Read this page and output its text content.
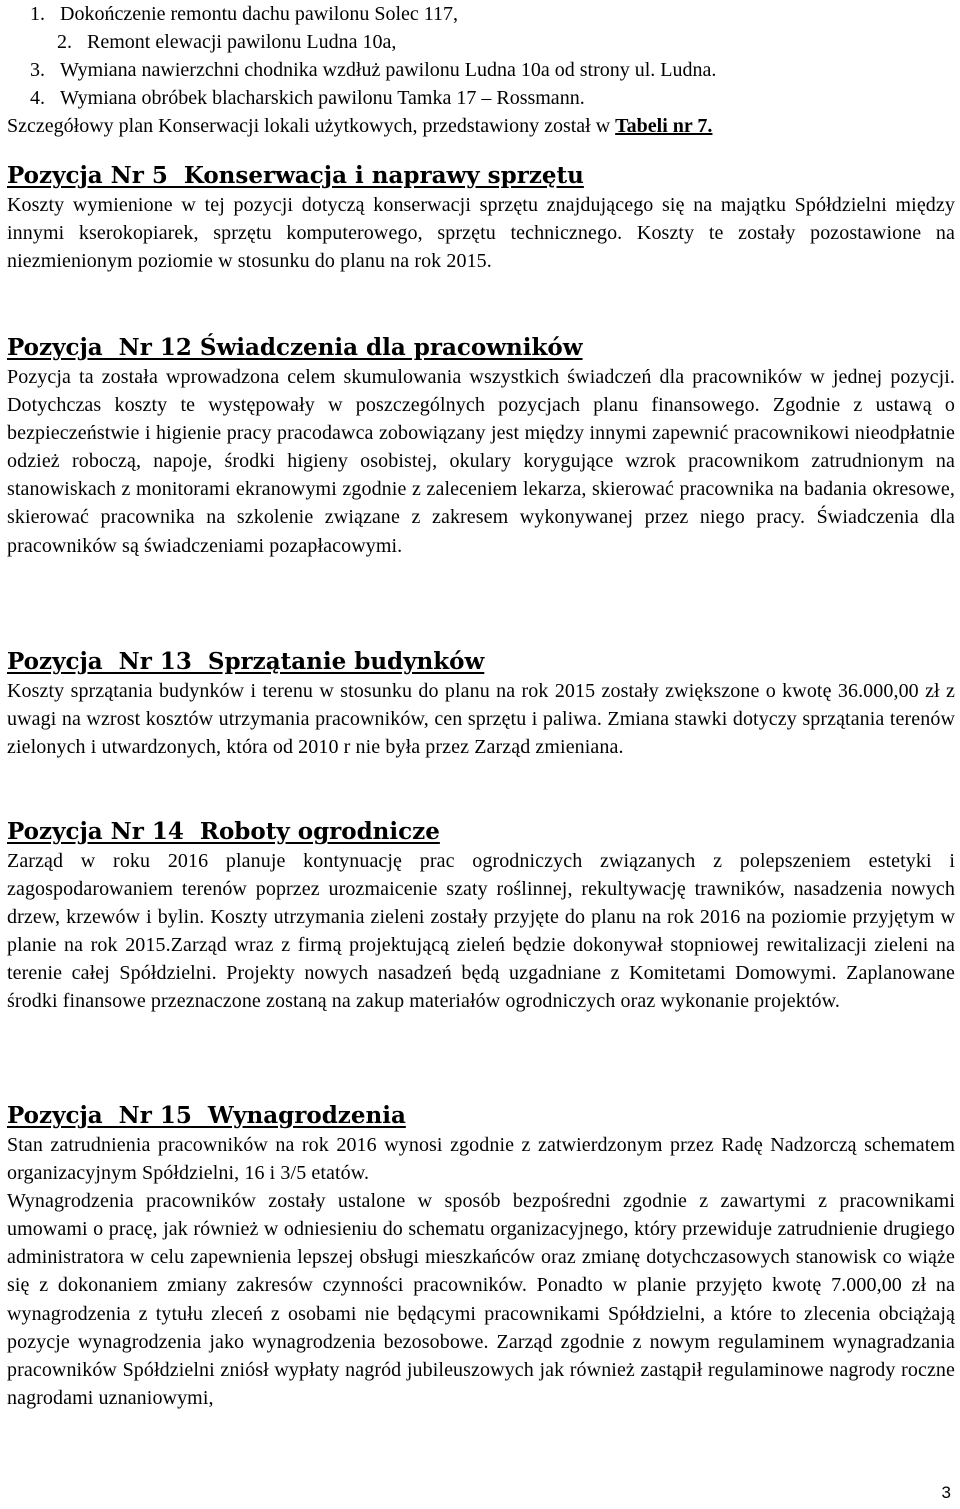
1. Dokończenie remontu dachu pawilonu Solec 117,
2. Remont elewacji pawilonu Ludna 10a,
3. Wymiana nawierzchni chodnika wzdłuż pawilonu Ludna 10a od strony ul. Ludna.
4. Wymiana obróbek blacharskich pawilonu Tamka 17 – Rossmann.

Szczegółowy plan Konserwacji lokali użytkowych, przedstawiony został w Tabeli nr 7.

Pozycja Nr 5  Konserwacja i naprawy sprzętu

Koszty wymienione w tej pozycji dotyczą konserwacji sprzętu znajdującego się na majątku Spółdzielni między innymi kserokopiarek, sprzętu komputerowego, sprzętu technicznego. Koszty te zostały pozostawione na niezmienionym poziomie w stosunku do planu na rok 2015.

Pozycja  Nr 12 Świadczenia dla pracowników

Pozycja ta została wprowadzona celem skumulowania wszystkich świadczeń dla pracowników w jednej pozycji. Dotychczas koszty te występowały w poszczególnych pozycjach planu finansowego. Zgodnie z ustawą o bezpieczeństwie i higienie pracy pracodawca zobowiązany jest między innymi zapewnić pracownikowi nieodpłatnie odzież roboczą, napoje, środki higieny osobistej, okulary korygujące wzrok pracownikom zatrudnionym na stanowiskach z monitorami ekranowymi zgodnie z zaleceniem lekarza, skierować pracownika na badania okresowe, skierować pracownika na szkolenie związane z zakresem wykonywanej przez niego pracy. Świadczenia dla pracowników są świadczeniami pozapłacowymi.

Pozycja  Nr 13  Sprzątanie budynków

Koszty sprzątania budynków i terenu w stosunku do planu na rok 2015 zostały zwiększone o kwotę 36.000,00 zł z uwagi na wzrost kosztów utrzymania pracowników, cen sprzętu i paliwa. Zmiana stawki dotyczy sprzątania terenów zielonych i utwardzonych, która od 2010 r nie była przez Zarząd zmieniana.

Pozycja Nr 14  Roboty ogrodnicze

Zarząd w roku 2016 planuje kontynuację prac ogrodniczych związanych z polepszeniem estetyki i zagospodarowaniem terenów poprzez urozmaicenie szaty roślinnej, rekultywację trawników, nasadzenia nowych drzew, krzewów i bylin. Koszty utrzymania zieleni zostały przyjęte do planu na rok 2016 na poziomie przyjętym w planie na rok 2015.Zarząd wraz z firmą projektującą zieleń będzie dokonywał stopniowej rewitalizacji zieleni na terenie całej Spółdzielni. Projekty nowych nasadzeń będą uzgadniane z Komitetami Domowymi. Zaplanowane środki finansowe przeznaczone zostaną na zakup materiałów ogrodniczych oraz wykonanie projektów.

Pozycja  Nr 15  Wynagrodzenia

Stan zatrudnienia pracowników na rok 2016 wynosi zgodnie z zatwierdzonym przez Radę Nadzorczą schematem organizacyjnym Spółdzielni, 16 i 3/5 etatów.

Wynagrodzenia pracowników zostały ustalone w sposób bezpośredni zgodnie z zawartymi z pracownikami umowami o pracę, jak również w odniesieniu do schematu organizacyjnego, który przewiduje zatrudnienie drugiego administratora w celu zapewnienia lepszej obsługi mieszkańców oraz zmianę dotychczasowych stanowisk co wiąże się z dokonaniem zmiany zakresów czynności pracowników. Ponadto w planie przyjęto kwotę 7.000,00 zł na wynagrodzenia z tytułu zleceń z osobami nie będącymi pracownikami Spółdzielni, a które to zlecenia obciążają pozycje wynagrodzenia jako wynagrodzenia bezosobowe. Zarząd zgodnie z nowym regulaminem wynagradzania pracowników Spółdzielni zniósł wypłaty nagród jubileuszowych jak również zastąpił regulaminowe nagrody roczne nagrodami uznaniowymi,

3
